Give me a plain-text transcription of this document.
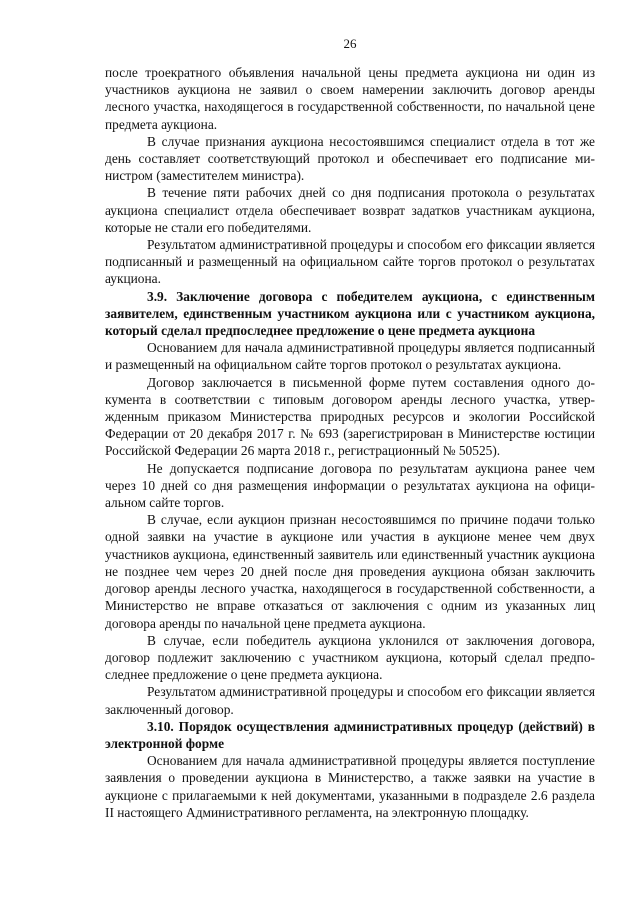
26

после троекратного объявления начальной цены предмета аукциона ни один из участников аукциона не заявил о своем намерении заключить договор аренды лесного участка, находящегося в государственной собственности, по начальной цене предмета аукциона.

В случае признания аукциона несостоявшимся специалист отдела в тот же день составляет соответствующий протокол и обеспечивает его подписание министром (заместителем министра).

В течение пяти рабочих дней со дня подписания протокола о результатах аукциона специалист отдела обеспечивает возврат задатков участникам аукциона, которые не стали его победителями.

Результатом административной процедуры и способом его фиксации является подписанный и размещенный на официальном сайте торгов протокол о результатах аукциона.

3.9. Заключение договора с победителем аукциона, с единственным заявителем, единственным участником аукциона или с участником аукциона, который сделал предпоследнее предложение о цене предмета аукциона

Основанием для начала административной процедуры является подписанный и размещенный на официальном сайте торгов протокол о результатах аукциона.

Договор заключается в письменной форме путем составления одного документа в соответствии с типовым договором аренды лесного участка, утвержденным приказом Министерства природных ресурсов и экологии Российской Федерации от 20 декабря 2017 г. № 693 (зарегистрирован в Министерстве юстиции Российской Федерации 26 марта 2018 г., регистрационный № 50525).

Не допускается подписание договора по результатам аукциона ранее чем через 10 дней со дня размещения информации о результатах аукциона на официальном сайте торгов.

В случае, если аукцион признан несостоявшимся по причине подачи только одной заявки на участие в аукционе или участия в аукционе менее чем двух участников аукциона, единственный заявитель или единственный участник аукциона не позднее чем через 20 дней после дня проведения аукциона обязан заключить договор аренды лесного участка, находящегося в государственной собственности, а Министерство не вправе отказаться от заключения с одним из указанных лиц договора аренды по начальной цене предмета аукциона.

В случае, если победитель аукциона уклонился от заключения договора, договор подлежит заключению с участником аукциона, который сделал предпоследнее предложение о цене предмета аукциона.

Результатом административной процедуры и способом его фиксации является заключенный договор.

3.10. Порядок осуществления административных процедур (действий) в электронной форме

Основанием для начала административной процедуры является поступление заявления о проведении аукциона в Министерство, а также заявки на участие в аукционе с прилагаемыми к ней документами, указанными в подразделе 2.6 раздела II настоящего Административного регламента, на электронную площадку.
